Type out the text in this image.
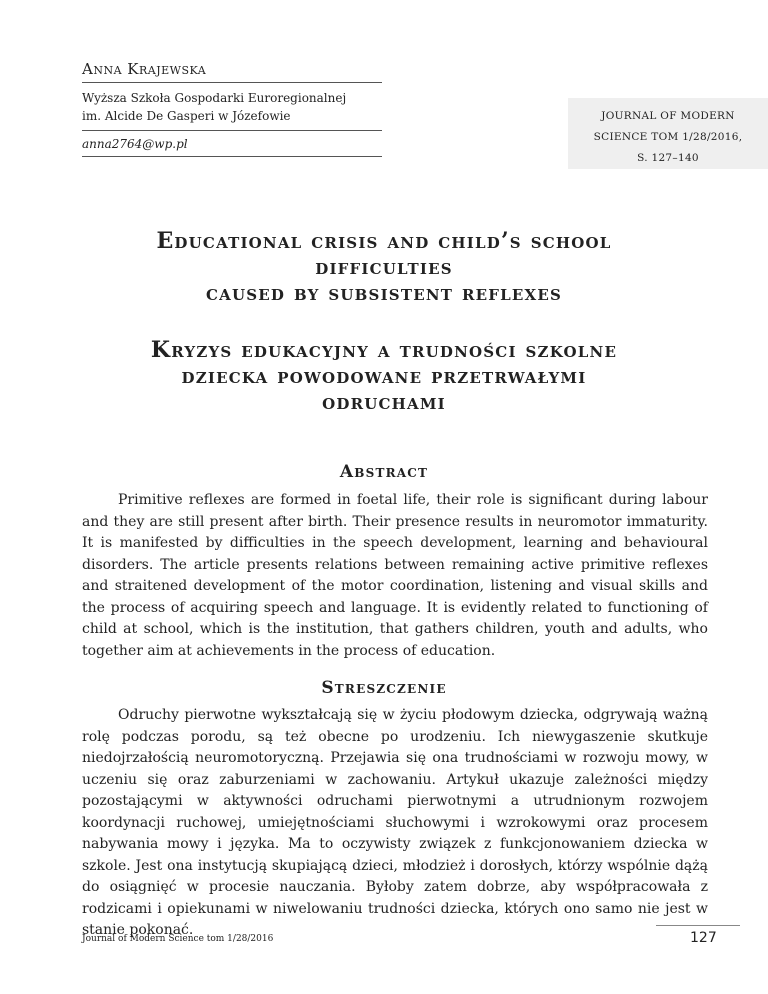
Anna Krajewska
Wyższa Szkoła Gospodarki Euroregionalnej
im. Alcide De Gasperi w Józefowie
anna2764@wp.pl
JOURNAL OF MODERN
SCIENCE TOM 1/28/2016,
S. 127–140
Educational crisis and child’s school
difficulties
caused by subsistent reflexes
Kryzys edukacyjny a trudności szkolne
dziecka powodowane przetrwałymi
odruchami
Abstract
Primitive reflexes are formed in foetal life, their role is significant during labour and they are still present after birth. Their presence results in neuromotor immaturity. It is manifested by difficulties in the speech development, learning and behavioural disorders. The article presents relations between remaining active primitive reflexes and straitened development of the motor coordination, listening and visual skills and the process of acquiring speech and language. It is evidently related to functioning of child at school, which is the institution, that gathers children, youth and adults, who together aim at achievements in the process of education.
Streszczenie
Odruchy pierwotne wykształcają się w życiu płodowym dziecka, odgrywają ważną rolę podczas porodu, są też obecne po urodzeniu. Ich niewygaszenie skutkuje niedojrzałością neuromotoryczną. Przejawia się ona trudnościami w rozwoju mowy, w uczeniu się oraz zaburzeniami w zachowaniu. Artykuł ukazuje zależności między pozostającymi w aktywności odruchami pierwotnymi a utrudnionym rozwojem koordynacji ruchowej, umiejętnościami słuchowymi i wzrokowymi oraz procesem nabywania mowy i języka. Ma to oczywisty związek z funkcjonowaniem dziecka w szkole. Jest ona instytucją skupiającą dzieci, młodzież i dorosłych, którzy wspólnie dążą do osiągnięć w procesie nauczania. Byłoby zatem dobrze, aby współpracowała z rodzicami i opiekunami w niwelowaniu trudności dziecka, których ono samo nie jest w stanie pokonać.
Journal of Modern Science tom 1/28/2016	127
